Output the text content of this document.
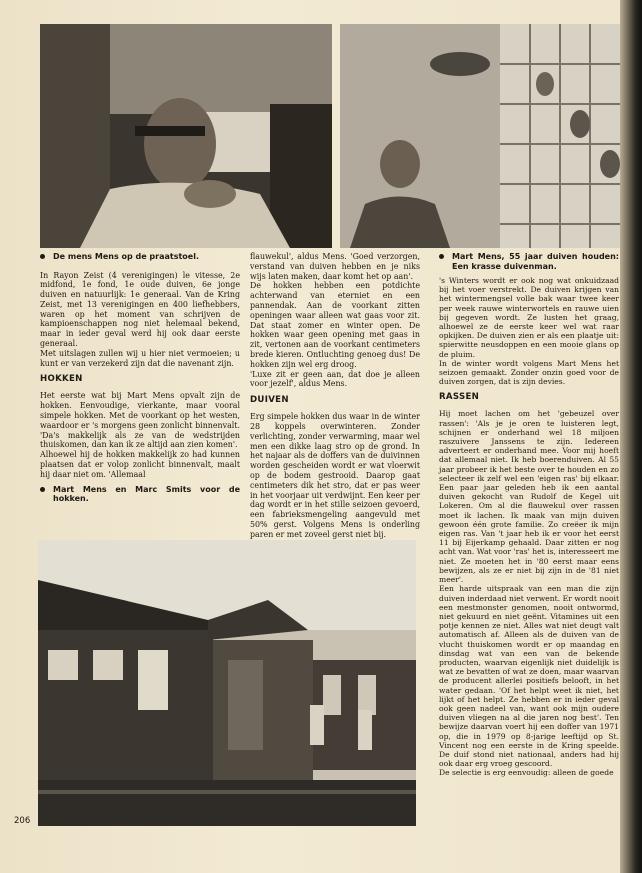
De mens Mens op de praatstoel.

In Rayon Zeist (4 verenigingen) le vitesse, 2e midfond, 1e fond, 1e oude duiven, 6e jonge duiven en natuurlijk: 1e generaal. Van de Kring Zeist, met 13 verenigingen en 400 liefhebbers, waren op het moment van schrijven de kampioenschappen nog niet helemaal bekend, maar in ieder geval werd hij ook daar eerste generaal.

Met uitslagen zullen wij u hier niet vermoeien; u kunt er van verzekerd zijn dat die navenant zijn.

HOKKEN

Het eerste wat bij Mart Mens opvalt zijn de hokken. Eenvoudige, vierkante, maar vooral simpele hokken. Met de voorkant op het westen, waardoor er 's morgens geen zonlicht binnenvalt. 'Da's makkelijk als ze van de wedstrijden thuiskomen, dan kan ik ze altijd aan zien komen'.

Alhoewel hij de hokken makkelijk zo had kunnen plaatsen dat er volop zonlicht binnenvalt, maalt hij daar niet om. 'Allemaal

Mart Mens en Marc Smits voor de hokken.

flauwekul', aldus Mens. 'Goed verzorgen, verstand van duiven hebben en je niks wijs laten maken, daar komt het op aan'.

De hokken hebben een potdichte achterwand van eterniet en een pannendak. Aan de voorkant zitten openingen waar alleen wat gaas voor zit. Dat staat zomer en winter open. De hokken waar geen opening met gaas in zit, vertonen aan de voorkant centimeters brede kieren. Ontluchting genoeg dus! De hokken zijn wel erg droog.

'Luxe zit er geen aan, dat doe je alleen voor jezelf', aldus Mens.

DUIVEN

Erg simpele hokken dus waar in de winter 28 koppels overwinteren. Zonder verlichting, zonder verwarming, maar wel men een dikke laag stro op de grond. In het najaar als de doffers van de duivinnen worden gescheiden wordt er wat vloerwit op de bodem gestrooid. Daarop gaat centimeters dik het stro, dat er pas weer in het voorjaar uit verdwijnt. Een keer per dag wordt er in het stille seizoen gevoerd, een fabrieksmengeling aangevuld met 50% gerst. Volgens Mens is onderling paren er met zoveel gerst niet bij.

Mart Mens, 55 jaar duiven houden: Een krasse duivenman.

's Winters wordt er ook nog wat onkuidzaad bij het voer verstrekt. De duiven krijgen van het wintermengsel volle bak waar twee keer per week rauwe winterwortels en rauwe uien bij gegeven wordt. Ze lusten het graag, alhoewel ze de eerste keer wel wat raar opkijken. De duiven zien er als een plaatje uit: spierwitte neusdoppen en een mooie glans op de pluim.

In de winter wordt volgens Mart Mens het seizoen gemaakt. Zonder onzin goed voor de duiven zorgen, dat is zijn devies.

RASSEN

Hij moet lachen om het 'gebeuzel over rassen': 'Als je je oren te luisteren legt, schijnen er onderhand wel 18 miljoen raszuivere Janssens te zijn. Iedereen adverteert er onderhand mee. Voor mij hoeft dat allemaal niet. Ik heb boerenduiven. Al 55 jaar probeer ik het beste over te houden en zo selecteer ik zelf wel een 'eigen ras' bij elkaar. Een paar jaar geleden heb ik een aantal duiven gekocht van Rudolf de Kegel uit Lokeren. Om al die flauwekul over rassen moet ik lachen. Ik maak van mijn duiven gewoon één grote familie. Zo creëer ik mijn eigen ras. Van 't jaar heb ik er voor het eerst 11 bij Eijerkamp gehaald. Daar zitten er nog acht van. Wat voor 'ras' het is, interesseert me niet. Ze moeten het in '80 eerst maar eens bewijzen, als ze er niet bij zijn in de '81 niet meer'.

Een harde uitspraak van een man die zijn duiven inderdaad niet verwent. Er wordt nooit een mestmonster genomen, nooit ontwormd, niet gekuurd en niet geënt. Vitamines uit een potje kennen ze niet. Alles wat niet deugt valt automatisch af. Alleen als de duiven van de vlucht thuiskomen wordt er op maandag en dinsdag wat van een van de bekende producten, waarvan eigenlijk niet duidelijk is wat ze bevatten of wat ze doen, maar waarvan de producent allerlei positiefs belooft, in het water gedaan. 'Of het helpt weet ik niet, het lijkt of het helpt. Ze hebben er in ieder geval ook geen nadeel van, want ook mijn oudere duiven vliegen na al die jaren nog best'. Ten bewijze daarvan voert hij een doffer van 1971 op, die in 1979 op 8-jarige leeftijd op St. Vincent nog een eerste in de Kring speelde. De duif stond niet nationaal, anders had hij ook daar erg vroeg gescoord.

De selectie is erg eenvoudig: alleen de goede

206
